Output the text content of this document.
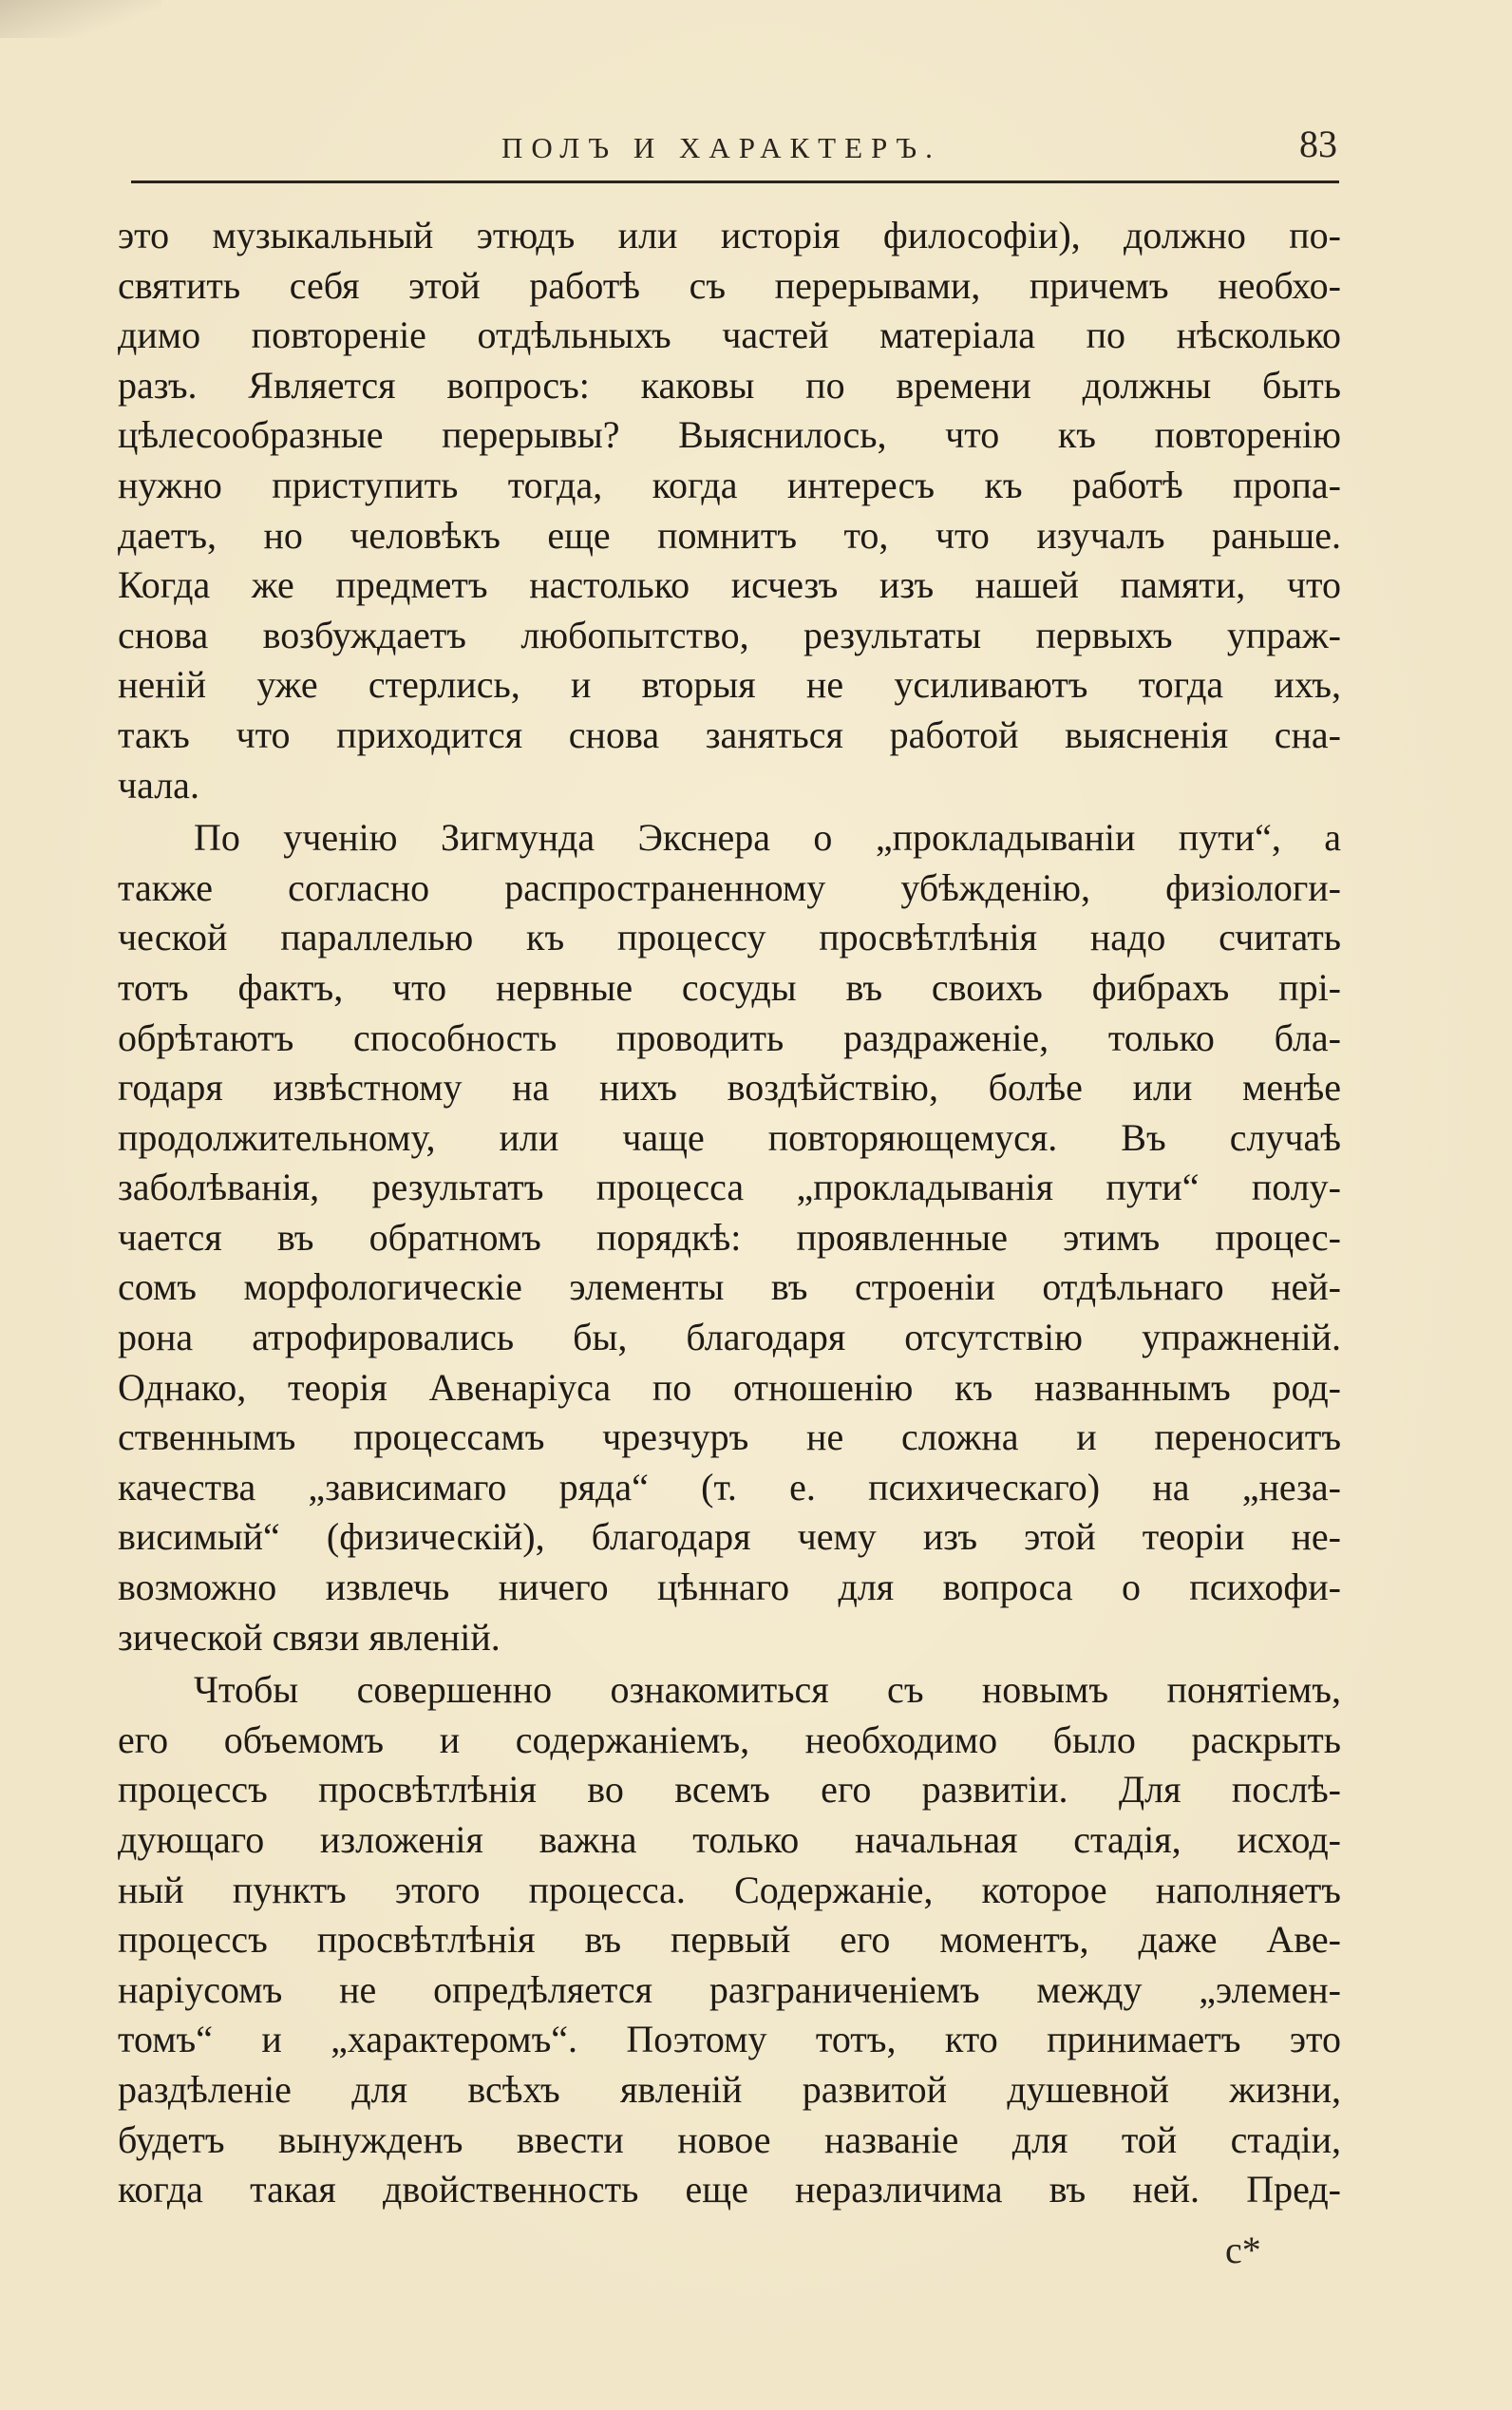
ПОЛЪ И ХАРАКТЕРЪ.	83

это музыкальный этюдъ или исторія философіи), должно по-
святить себя этой работѣ съ перерывами, причемъ необхо-
димо повтореніе отдѣльныхъ частей матеріала по нѣсколько
разъ. Является вопросъ: каковы по времени должны быть
цѣлесообразные перерывы? Выяснилось, что къ повторенію
нужно приступить тогда, когда интересъ къ работѣ пропа-
даетъ, но человѣкъ еще помнитъ то, что изучалъ раньше.
Когда же предметъ настолько исчезъ изъ нашей памяти, что
снова возбуждаетъ любопытство, результаты первыхъ упраж-
неній уже стерлись, и вторыя не усиливаютъ тогда ихъ,
такъ что приходится снова заняться работой выясненія сна-
чала.

По ученію Зигмунда Экснера о „прокладываніи пути“, а
также согласно распространенному убѣжденію, физіологи-
ческой параллелью къ процессу просвѣтлѣнія надо считать
тотъ фактъ, что нервные сосуды въ своихъ фибрахъ прі-
обрѣтаютъ способность проводить раздраженіе, только бла-
годаря извѣстному на нихъ воздѣйствію, болѣе или менѣе
продолжительному, или чаще повторяющемуся. Въ случаѣ
заболѣванія, результатъ процесса „прокладыванія пути“ полу-
чается въ обратномъ порядкѣ: проявленные этимъ процес-
сомъ морфологическіе элементы въ строеніи отдѣльнаго ней-
рона атрофировались бы, благодаря отсутствію упражненій.
Однако, теорія Авенаріуса по отношенію къ названнымъ род-
ственнымъ процессамъ чрезчуръ не сложна и переноситъ
качества „зависимаго ряда“ (т. е. психическаго) на „неза-
висимый“ (физическій), благодаря чему изъ этой теоріи не-
возможно извлечь ничего цѣннаго для вопроса о психофи-
зической связи явленій.

Чтобы совершенно ознакомиться съ новымъ понятіемъ,
его объемомъ и содержаніемъ, необходимо было раскрыть
процессъ просвѣтлѣнія во всемъ его развитіи. Для послѣ-
дующаго изложенія важна только начальная стадія, исход-
ный пунктъ этого процесса. Содержаніе, которое наполняетъ
процессъ просвѣтлѣнія въ первый его моментъ, даже Аве-
наріусомъ не опредѣляется разграниченіемъ между „элемен-
томъ“ и „характеромъ“. Поэтому тотъ, кто принимаетъ это
раздѣленіе для всѣхъ явленій развитой душевной жизни,
будетъ вынужденъ ввести новое названіе для той стадіи,
когда такая двойственность еще неразличима въ ней. Пред-

c*
